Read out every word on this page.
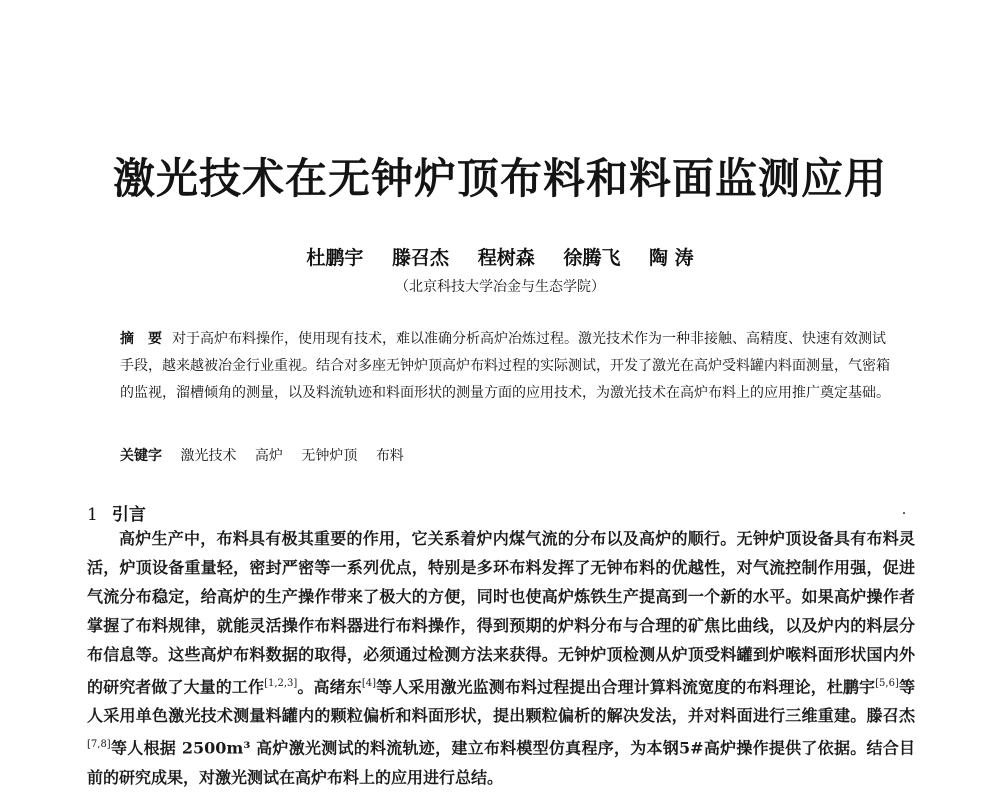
激光技术在无钟炉顶布料和料面监测应用
杜鹏宇 滕召杰 程树森 徐腾飞 陶 涛
（北京科技大学冶金与生态学院）
摘　要 对于高炉布料操作，使用现有技术，难以准确分析高炉冶炼过程。激光技术作为一种非接触、高精度、快速有效测试手段，越来越被冶金行业重视。结合对多座无钟炉顶高炉布料过程的实际测试，开发了激光在高炉受料罐内料面测量，气密箱的监视，溜槽倾角的测量，以及料流轨迹和料面形状的测量方面的应用技术，为激光技术在高炉布料上的应用推广奠定基础。
关键字 激光技术 高炉 无钟炉顶 布料
1 引言
高炉生产中，布料具有极其重要的作用，它关系着炉内煤气流的分布以及高炉的顺行。无钟炉顶设备具有布料灵活，炉顶设备重量轻，密封严密等一系列优点，特别是多环布料发挥了无钟布料的优越性，对气流控制作用强，促进气流分布稳定，给高炉的生产操作带来了极大的方便，同时也使高炉炼铁生产提高到一个新的水平。如果高炉操作者掌握了布料规律，就能灵活操作布料器进行布料操作，得到预期的炉料分布与合理的矿焦比曲线，以及炉内的料层分布信息等。这些高炉布料数据的取得，必须通过检测方法来获得。无钟炉顶检测从炉顶受料罐到炉喉料面形状国内外的研究者做了大量的工作[1,2,3]。高绪东[4]等人采用激光监测布料过程提出合理计算料流宽度的布料理论，杜鹏宇[5,6]等人采用单色激光技术测量料罐内的颗粒偏析和料面形状，提出颗粒偏析的解决发法，并对料面进行三维重建。滕召杰[7,8]等人根据 2500m³ 高炉激光测试的料流轨迹，建立布料模型仿真程序，为本钢5#高炉操作提供了依据。结合目前的研究成果，对激光测试在高炉布料上的应用进行总结。
